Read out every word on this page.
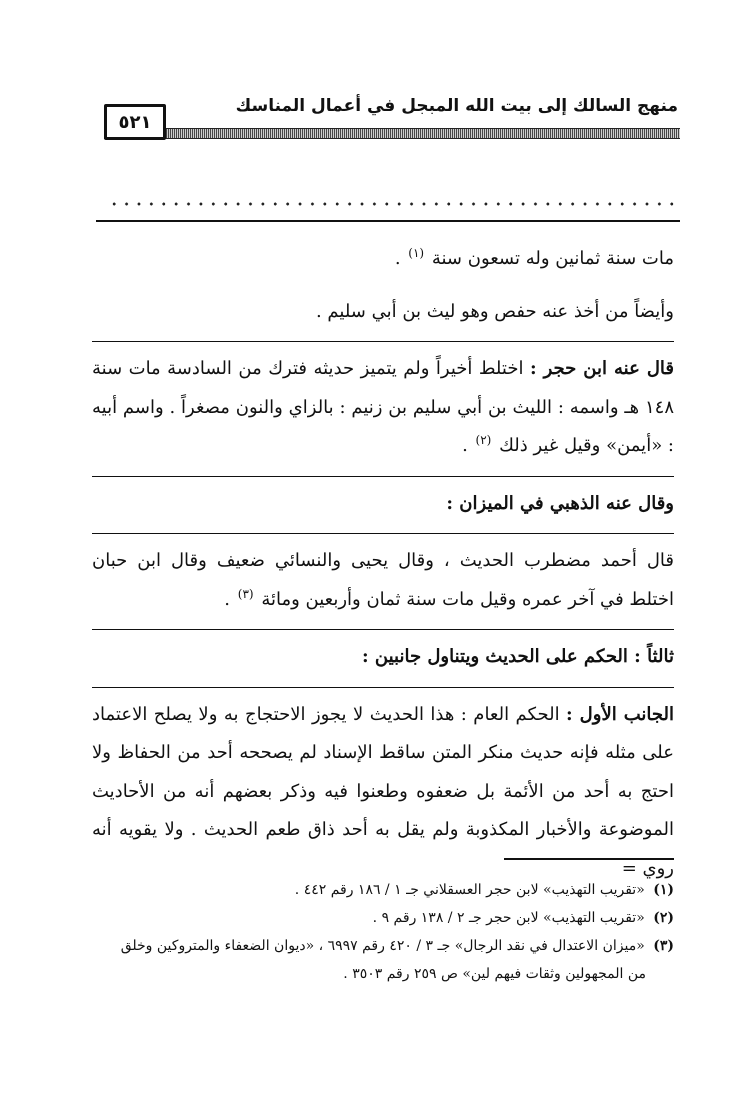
منهج السالك إلى بيت الله المبجل في أعمال المناسك
٥٢١

مات سنة ثمانين وله تسعون سنة $^{(١)}$ .

وأيضاً من أخذ عنه حفص وهو ليث بن أبي سليم .

قال عنه ابن حجر : اختلط أخيراً ولم يتميز حديثه فترك من السادسة مات سنة ١٤٨ هـ واسمه : الليث بن أبي سليم بن زنيم : بالزاي والنون مصغراً . واسم أبيه : «أيمن» وقيل غير ذلك $^{(٢)}$ .

وقال عنه الذهبي في الميزان :

قال أحمد مضطرب الحديث ، وقال يحيى والنسائي ضعيف وقال ابن حبان اختلط في آخر عمره وقيل مات سنة ثمان وأربعين ومائة $^{(٣)}$ .

ثالثاً : الحكم على الحديث ويتناول جانبين :

الجانب الأول : الحكم العام : هذا الحديث لا يجوز الاحتجاج به ولا يصلح الاعتماد على مثله فإنه حديث منكر المتن ساقط الإسناد لم يصححه أحد من الحفاظ ولا احتج به أحد من الأئمة بل ضعفوه وطعنوا فيه وذكر بعضهم أنه من الأحاديث الموضوعة والأخبار المكذوبة ولم يقل به أحد ذاق طعم الحديث . ولا يقويه أنه روي =

(١) «تقريب التهذيب» لابن حجر العسقلاني جـ ١ / ١٨٦ رقم ٤٤٢ .

(٢) «تقريب التهذيب» لابن حجر جـ ٢ / ١٣٨ رقم ٩ .

(٣) «ميزان الاعتدال في نقد الرجال» جـ ٣ / ٤٢٠ رقم ٦٩٩٧ ، «ديوان الضعفاء والمتروكين وخلق
من المجهولين وثقات فيهم لين» ص ٢٥٩ رقم ٣٥٠٣ .
